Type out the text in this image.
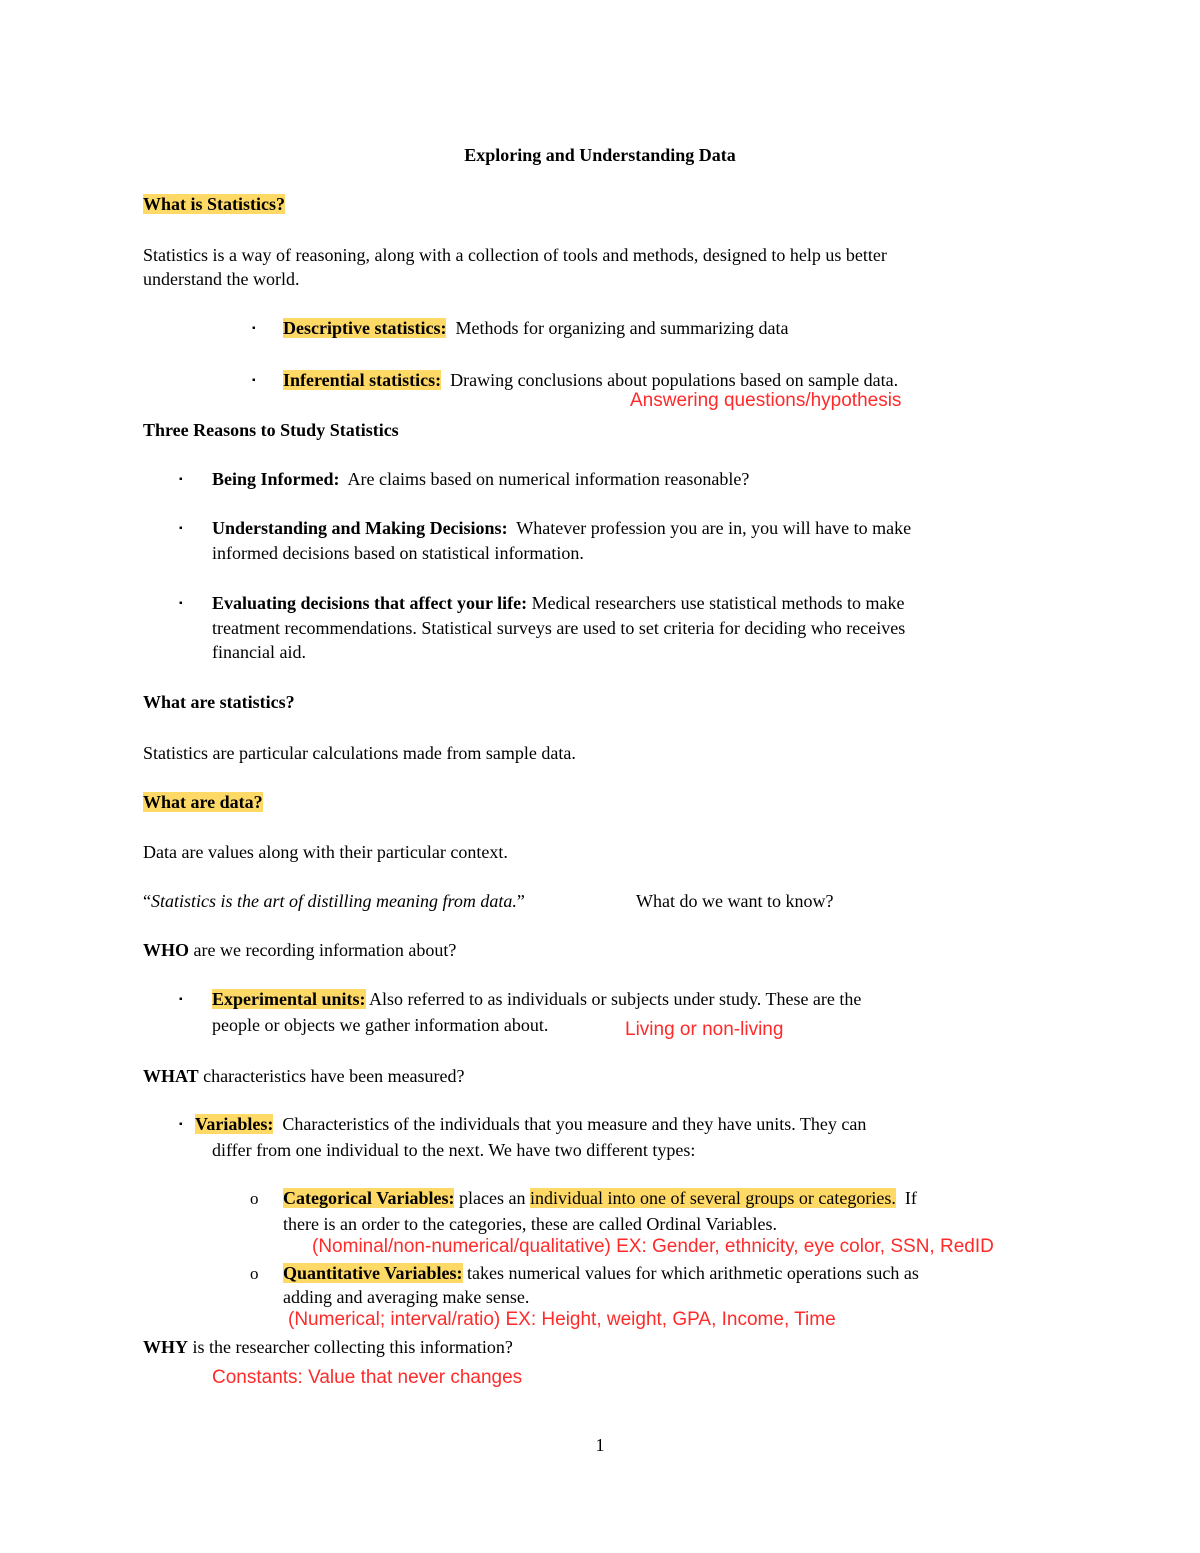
Exploring and Understanding Data
What is Statistics?
Statistics is a way of reasoning, along with a collection of tools and methods, designed to help us better
understand the world.
▪ Descriptive statistics: Methods for organizing and summarizing data
▪ Inferential statistics: Drawing conclusions about populations based on sample data.
Answering questions/hypothesis
Three Reasons to Study Statistics
▪ Being Informed: Are claims based on numerical information reasonable?
▪ Understanding and Making Decisions: Whatever profession you are in, you will have to make
informed decisions based on statistical information.
▪ Evaluating decisions that affect your life: Medical researchers use statistical methods to make
treatment recommendations. Statistical surveys are used to set criteria for deciding who receives
financial aid.
What are statistics?
Statistics are particular calculations made from sample data.
What are data?
Data are values along with their particular context.
“Statistics is the art of distilling meaning from data.”	What do we want to know?
WHO are we recording information about?
▪ Experimental units: Also referred to as individuals or subjects under study. These are the
people or objects we gather information about.	Living or non-living
WHAT characteristics have been measured?
▪ Variables: Characteristics of the individuals that you measure and they have units. They can
differ from one individual to the next. We have two different types:
o Categorical Variables: places an individual into one of several groups or categories. If
there is an order to the categories, these are called Ordinal Variables.
(Nominal/non-numerical/qualitative) EX: Gender, ethnicity, eye color, SSN, RedID
o Quantitative Variables: takes numerical values for which arithmetic operations such as
adding and averaging make sense.
(Numerical; interval/ratio) EX: Height, weight, GPA, Income, Time
WHY is the researcher collecting this information?
Constants: Value that never changes
1
